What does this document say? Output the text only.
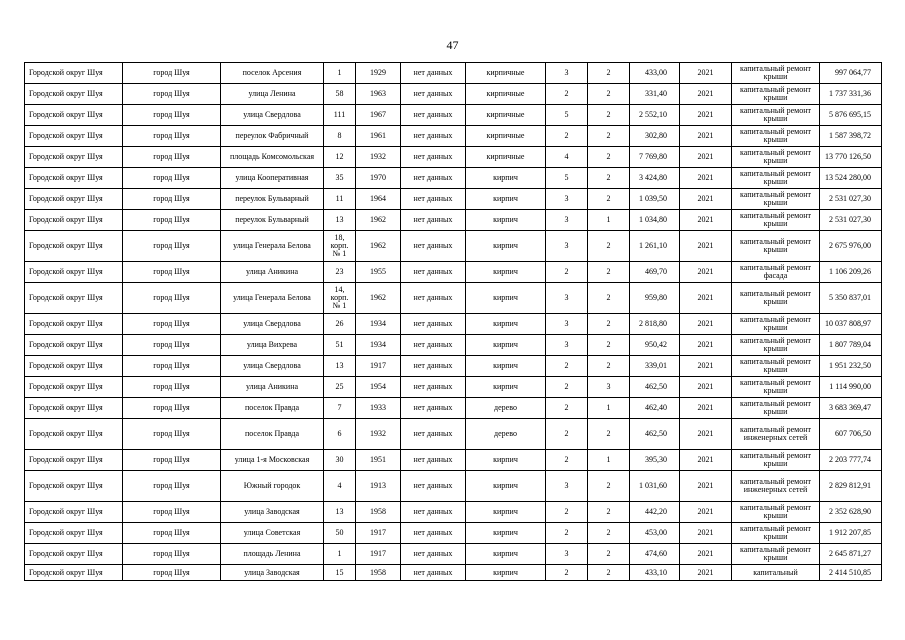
47
Городской округ Шуя	город Шуя	поселок Арсения	1	1929	нет данных	кирпичные	3	2	433,00	2021	капитальный ремонт крыши	997 064,77
Городской округ Шуя	город Шуя	улица Ленина	58	1963	нет данных	кирпичные	2	2	331,40	2021	капитальный ремонт крыши	1 737 331,36
Городской округ Шуя	город Шуя	улица Свердлова	111	1967	нет данных	кирпичные	5	2	2 552,10	2021	капитальный ремонт крыши	5 876 695,15
Городской округ Шуя	город Шуя	переулок Фабричный	8	1961	нет данных	кирпичные	2	2	302,80	2021	капитальный ремонт крыши	1 587 398,72
Городской округ Шуя	город Шуя	площадь Комсомольская	12	1932	нет данных	кирпичные	4	2	7 769,80	2021	капитальный ремонт крыши	13 770 126,50
Городской округ Шуя	город Шуя	улица Кооперативная	35	1970	нет данных	кирпич	5	2	3 424,80	2021	капитальный ремонт крыши	13 524 280,00
Городской округ Шуя	город Шуя	переулок Бульварный	11	1964	нет данных	кирпич	3	2	1 039,50	2021	капитальный ремонт крыши	2 531 027,30
Городской округ Шуя	город Шуя	переулок Бульварный	13	1962	нет данных	кирпич	3	1	1 034,80	2021	капитальный ремонт крыши	2 531 027,30
Городской округ Шуя	город Шуя	улица Генерала Белова	18, корп. № 1	1962	нет данных	кирпич	3	2	1 261,10	2021	капитальный ремонт крыши	2 675 976,00
Городской округ Шуя	город Шуя	улица Аникина	23	1955	нет данных	кирпич	2	2	469,70	2021	капитальный ремонт фасада	1 106 209,26
Городской округ Шуя	город Шуя	улица Генерала Белова	14, корп. № 1	1962	нет данных	кирпич	3	2	959,80	2021	капитальный ремонт крыши	5 350 837,01
Городской округ Шуя	город Шуя	улица Свердлова	26	1934	нет данных	кирпич	3	2	2 818,80	2021	капитальный ремонт крыши	10 037 808,97
Городской округ Шуя	город Шуя	улица Вихрева	51	1934	нет данных	кирпич	3	2	950,42	2021	капитальный ремонт крыши	1 807 789,04
Городской округ Шуя	город Шуя	улица Свердлова	13	1917	нет данных	кирпич	2	2	339,01	2021	капитальный ремонт крыши	1 951 232,50
Городской округ Шуя	город Шуя	улица Аникина	25	1954	нет данных	кирпич	2	3	462,50	2021	капитальный ремонт крыши	1 114 990,00
Городской округ Шуя	город Шуя	поселок Правда	7	1933	нет данных	дерево	2	1	462,40	2021	капитальный ремонт крыши	3 683 369,47
Городской округ Шуя	город Шуя	поселок Правда	6	1932	нет данных	дерево	2	2	462,50	2021	капитальный ремонт инженерных сетей	607 706,50
Городской округ Шуя	город Шуя	улица 1-я Московская	30	1951	нет данных	кирпич	2	1	395,30	2021	капитальный ремонт крыши	2 203 777,74
Городской округ Шуя	город Шуя	Южный городок	4	1913	нет данных	кирпич	3	2	1 031,60	2021	капитальный ремонт инженерных сетей	2 829 812,91
Городской округ Шуя	город Шуя	улица Заводская	13	1958	нет данных	кирпич	2	2	442,20	2021	капитальный ремонт крыши	2 352 628,90
Городской округ Шуя	город Шуя	улица Советская	50	1917	нет данных	кирпич	2	2	453,00	2021	капитальный ремонт крыши	1 912 207,85
Городской округ Шуя	город Шуя	площадь Ленина	1	1917	нет данных	кирпич	3	2	474,60	2021	капитальный ремонт крыши	2 645 871,27
Городской округ Шуя	город Шуя	улица Заводская	15	1958	нет данных	кирпич	2	2	433,10	2021	капитальный	2 414 510,85
